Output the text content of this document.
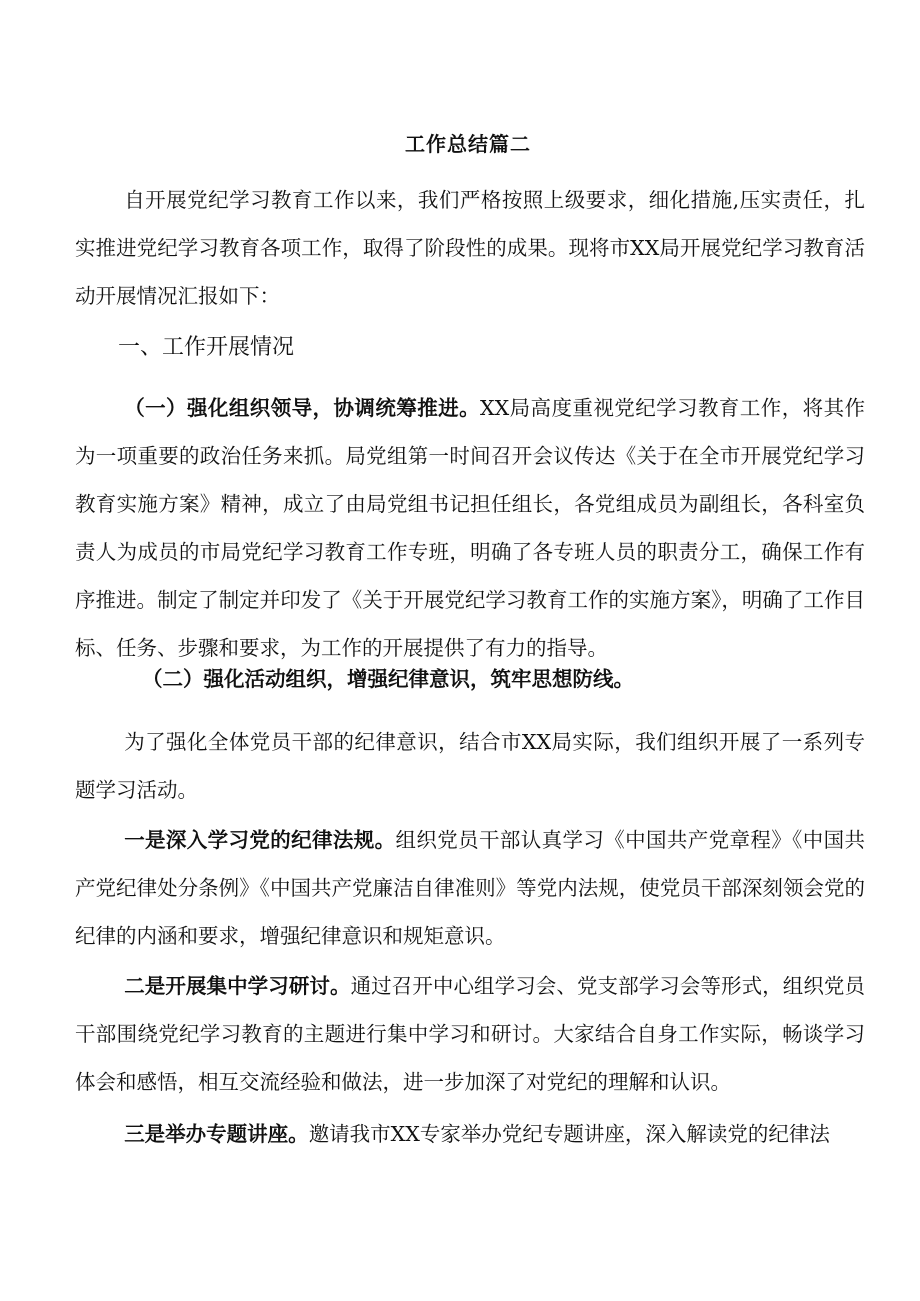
工作总结篇二

自开展党纪学习教育工作以来，我们严格按照上级要求，细化措施,压实责任，扎实推进党纪学习教育各项工作，取得了阶段性的成果。现将市XX局开展党纪学习教育活动开展情况汇报如下：

一、工作开展情况

（一）强化组织领导，协调统筹推进。XX局高度重视党纪学习教育工作，将其作为一项重要的政治任务来抓。局党组第一时间召开会议传达《关于在全市开展党纪学习教育实施方案》精神，成立了由局党组书记担任组长，各党组成员为副组长，各科室负责人为成员的市局党纪学习教育工作专班，明确了各专班人员的职责分工，确保工作有序推进。制定了制定并印发了《关于开展党纪学习教育工作的实施方案》，明确了工作目标、任务、步骤和要求，为工作的开展提供了有力的指导。

（二）强化活动组织，增强纪律意识，筑牢思想防线。

为了强化全体党员干部的纪律意识，结合市XX局实际，我们组织开展了一系列专题学习活动。

一是深入学习党的纪律法规。组织党员干部认真学习《中国共产党章程》《中国共产党纪律处分条例》《中国共产党廉洁自律准则》等党内法规，使党员干部深刻领会党的纪律的内涵和要求，增强纪律意识和规矩意识。

二是开展集中学习研讨。通过召开中心组学习会、党支部学习会等形式，组织党员干部围绕党纪学习教育的主题进行集中学习和研讨。大家结合自身工作实际，畅谈学习体会和感悟，相互交流经验和做法，进一步加深了对党纪的理解和认识。

三是举办专题讲座。邀请我市XX专家举办党纪专题讲座，深入解读党的纪律法
